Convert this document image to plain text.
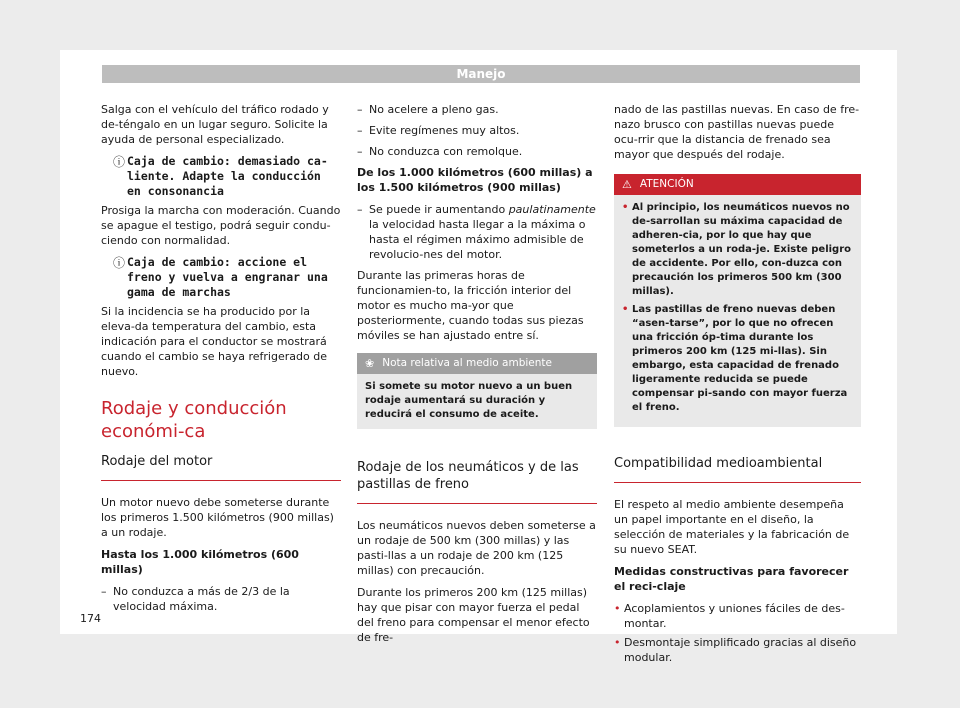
Manejo

Salga con el vehículo del tráfico rodado y de-téngalo en un lugar seguro. Solicite la ayuda de personal especializado.

ⓘ Caja de cambio: demasiado ca-liente. Adapte la conducción en consonancia

Prosiga la marcha con moderación. Cuando se apague el testigo, podrá seguir condu-ciendo con normalidad.

ⓘ Caja de cambio: accione el freno y vuelva a engranar una gama de marchas

Si la incidencia se ha producido por la eleva-da temperatura del cambio, esta indicación para el conductor se mostrará cuando el cambio se haya refrigerado de nuevo.

Rodaje y conducción económi-ca
Rodaje del motor

Un motor nuevo debe someterse durante los primeros 1.500 kilómetros (900 millas) a un rodaje.

Hasta los 1.000 kilómetros (600 millas)

– No conduzca a más de 2/3 de la velocidad máxima.
– No acelere a pleno gas.
– Evite regímenes muy altos.
– No conduzca con remolque.

De los 1.000 kilómetros (600 millas) a los 1.500 kilómetros (900 millas)

– Se puede ir aumentando paulatinamente la velocidad hasta llegar a la máxima o hasta el régimen máximo admisible de revolucio-nes del motor.

Durante las primeras horas de funcionamien-to, la fricción interior del motor es mucho ma-yor que posteriormente, cuando todas sus piezas móviles se han ajustado entre sí.

❀ Nota relativa al medio ambiente
Si somete su motor nuevo a un buen rodaje aumentará su duración y reducirá el consumo de aceite.
Rodaje de los neumáticos y de las pastillas de freno

Los neumáticos nuevos deben someterse a un rodaje de 500 km (300 millas) y las pasti-llas a un rodaje de 200 km (125 millas) con precaución.

Durante los primeros 200 km (125 millas) hay que pisar con mayor fuerza el pedal del freno para compensar el menor efecto de fre-

nado de las pastillas nuevas. En caso de fre-nazo brusco con pastillas nuevas puede ocu-rrir que la distancia de frenado sea mayor que después del rodaje.

⚠ ATENCIÓN
• Al principio, los neumáticos nuevos no de-sarrollan su máxima capacidad de adheren-cia, por lo que hay que someterlos a un roda-je. Existe peligro de accidente. Por ello, con-duzca con precaución los primeros 500 km (300 millas).
• Las pastillas de freno nuevas deben “asen-tarse”, por lo que no ofrecen una fricción óp-tima durante los primeros 200 km (125 mi-llas). Sin embargo, esta capacidad de frenado ligeramente reducida se puede compensar pi-sando con mayor fuerza el freno.
Compatibilidad medioambiental

El respeto al medio ambiente desempeña un papel importante en el diseño, la selección de materiales y la fabricación de su nuevo SEAT.

Medidas constructivas para favorecer el reci-claje

• Acoplamientos y uniones fáciles de des-montar.
• Desmontaje simplificado gracias al diseño modular.
174
